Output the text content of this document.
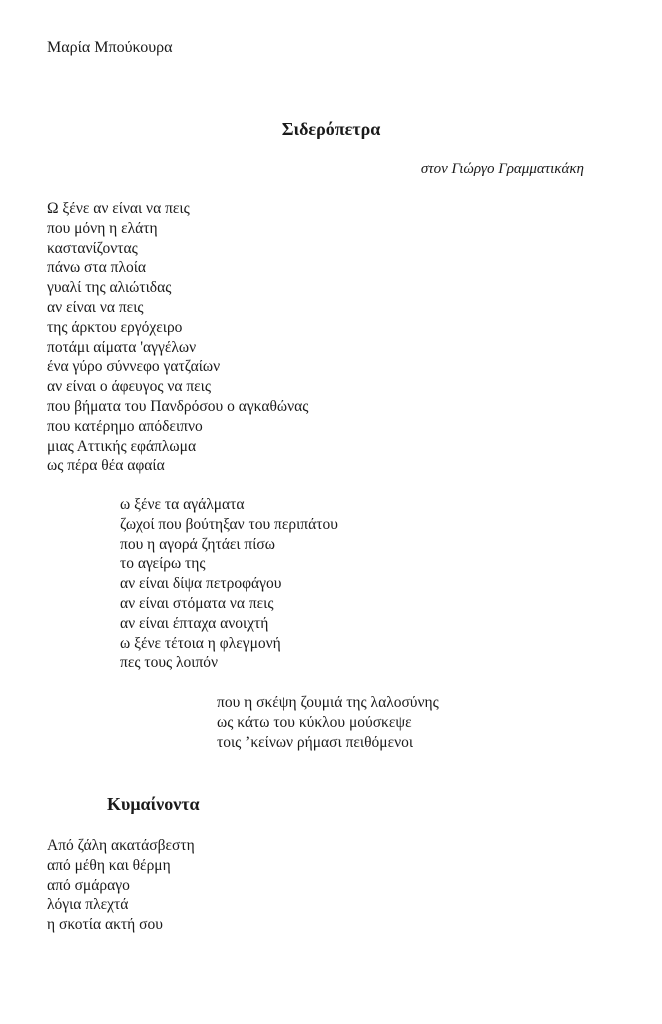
Μαρία Μπούκουρα
Σιδερόπετρα
στον Γιώργο Γραμματικάκη
Ω ξένε αν είναι να πεις
που μόνη η ελάτη
καστανίζοντας
πάνω στα πλοία
γυαλί της αλιώτιδας
αν είναι να πεις
της άρκτου εργόχειρο
ποτάμι αίματα 'αγγέλων
ένα γύρο σύννεφο γατζαίων
αν είναι ο άφευγος να πεις
που βήματα του Πανδρόσου ο αγκαθώνας
που κατέρημο απόδειπνο
μιας Αττικής εφάπλωμα
ως πέρα θέα αφαία
ω ξένε τα αγάλματα
ζωχοί που βούτηξαν του περιπάτου
που η αγορά ζητάει πίσω
το αγείρω της
αν είναι δίψα πετροφάγου
αν είναι στόματα να πεις
αν είναι έπταχα ανοιχτή
ω ξένε τέτοια η φλεγμονή
πες τους λοιπόν
που η σκέψη ζουμιά της λαλοσύνης
ως κάτω του κύκλου μούσκεψε
τοις ’κείνων ρήμασι πειθόμενοι
Κυμαίνοντα
Από ζάλη ακατάσβεστη
από μέθη και θέρμη
από σμάραγο
λόγια πλεχτά
η σκοτία ακτή σου
